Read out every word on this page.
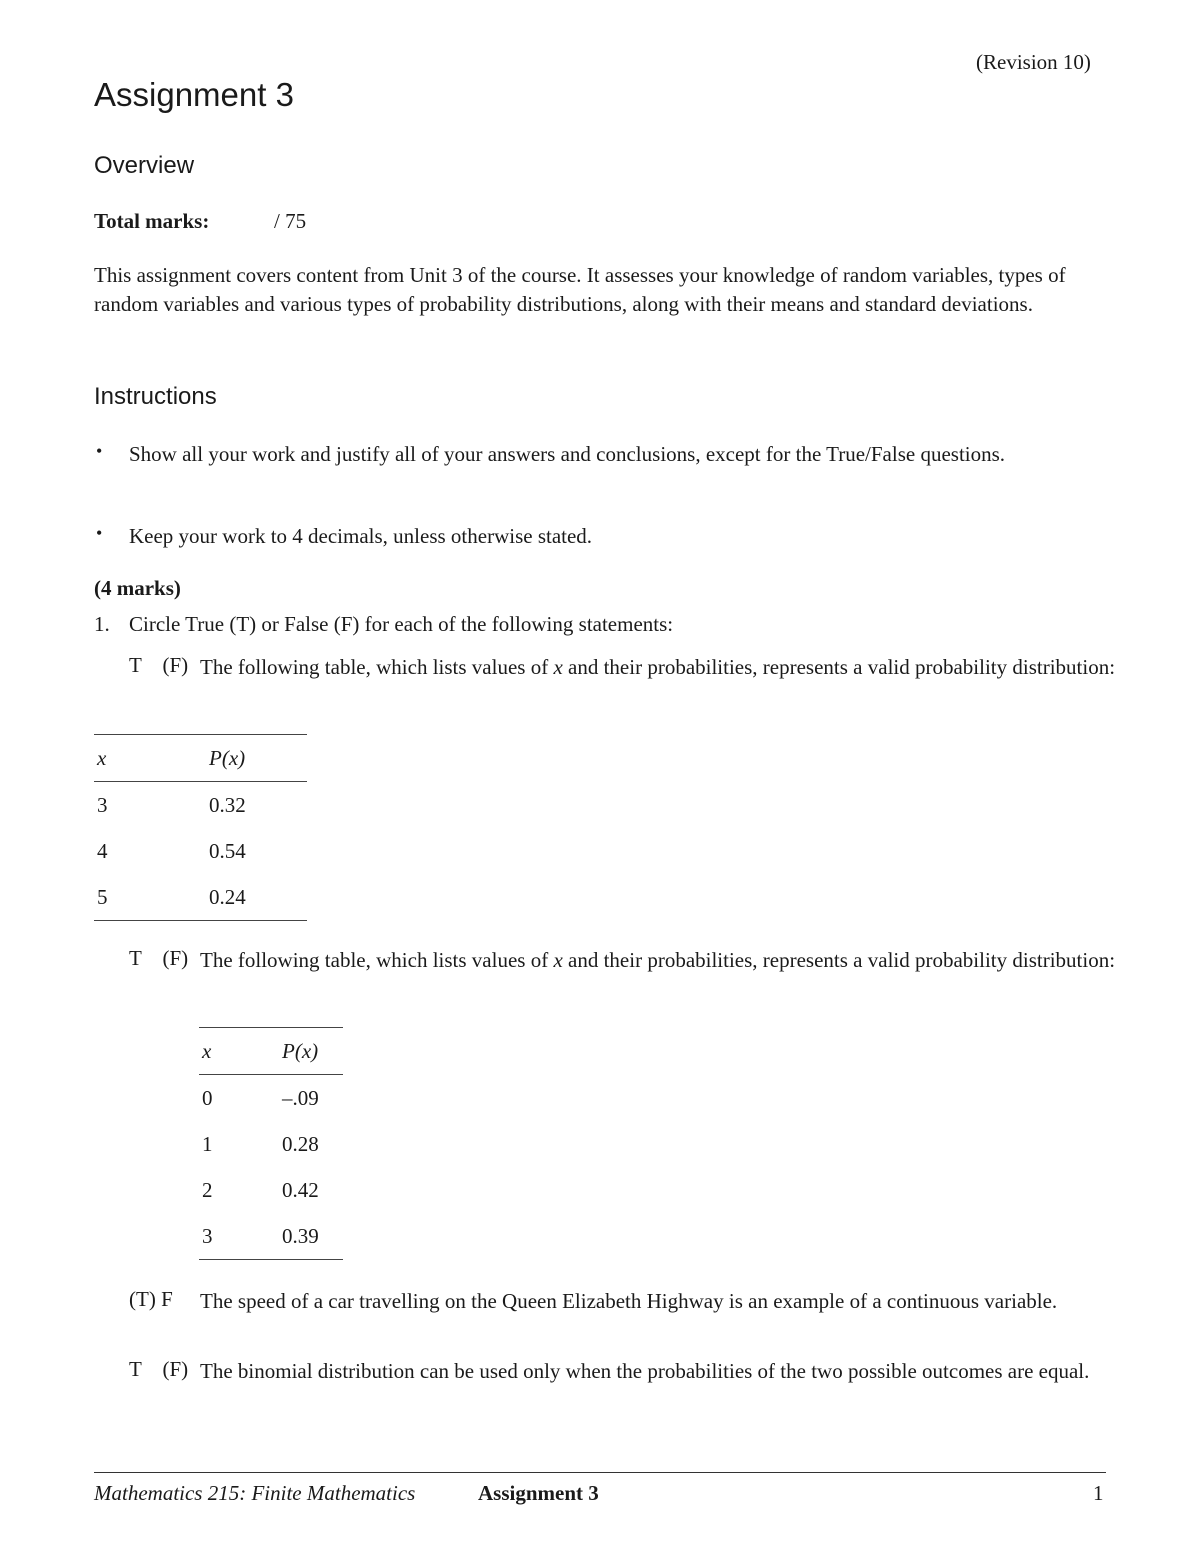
(Revision 10)
Assignment 3
Overview
Total marks:	/ 75
This assignment covers content from Unit 3 of the course. It assesses your knowledge of random variables, types of random variables and various types of probability distributions, along with their means and standard deviations.
Instructions
• Show all your work and justify all of your answers and conclusions, except for the True/False questions.
• Keep your work to 4 decimals, unless otherwise stated.
(4 marks)
1. Circle True (T) or False (F) for each of the following statements:
T    (F) The following table, which lists values of x and their probabilities, represents a valid probability distribution:
x	P(x)
3	0.32
4	0.54
5	0.24
T    (F) The following table, which lists values of x and their probabilities, represents a valid probability distribution:
x	P(x)
0	–.09
1	0.28
2	0.42
3	0.39
(T) F	The speed of a car travelling on the Queen Elizabeth Highway is an example of a continuous variable.
T    (F) The binomial distribution can be used only when the probabilities of the two possible outcomes are equal.
Mathematics 215: Finite Mathematics	Assignment 3	1
